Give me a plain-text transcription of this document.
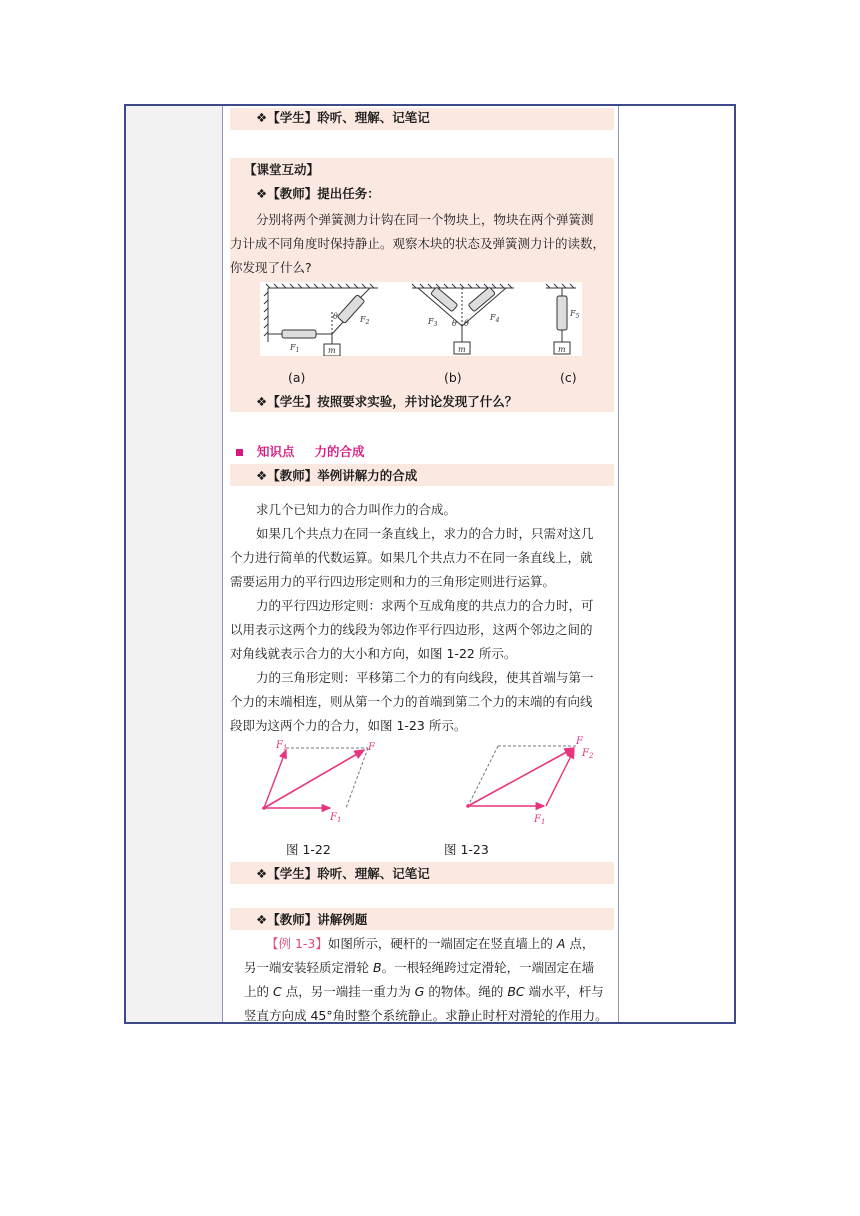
❖【学生】聆听、理解、记笔记
【课堂互动】
❖【教师】提出任务：
分别将两个弹簧测力计钩在同一个物块上，物块在两个弹簧测
力计成不同角度时保持静止。观察木块的状态及弹簧测力计的读数，
你发现了什么?
θ	$F_2$
$F_1$	m
θ θ
$F_3$
$F_4$
m
$F_5$
m
(a)	(b)	(c)
❖【学生】按照要求实验，并讨论发现了什么？
知识点 力的合成
❖【教师】举例讲解力的合成
求几个已知力的合力叫作力的合成。
如果几个共点力在同一条直线上，求力的合力时，只需对这几
个力进行简单的代数运算。如果几个共点力不在同一条直线上，就
需要运用力的平行四边形定则和力的三角形定则进行运算。
力的平行四边形定则：求两个互成角度的共点力的合力时，可
以用表示这两个力的线段为邻边作平行四边形，这两个邻边之间的
对角线就表示合力的大小和方向，如图 1-22 所示。
力的三角形定则：平移第二个力的有向线段，使其首端与第一
个力的末端相连，则从第一个力的首端到第二个力的末端的有向线
段即为这两个力的合力，如图 1-23 所示。
$F_1$	F
$F_1$
F
$F_2$
$F_1$
图 1-22	图 1-23
❖【学生】聆听、理解、记笔记
❖【教师】讲解例题
【例 1-3】如图所示，硬杆的一端固定在竖直墙上的 A 点，
另一端安装轻质定滑轮 B。一根轻绳跨过定滑轮，一端固定在墙
上的 C 点，另一端挂一重力为 G 的物体。绳的 BC 端水平，杆与
竖直方向成 45°角时整个系统静止。求静止时杆对滑轮的作用力。
